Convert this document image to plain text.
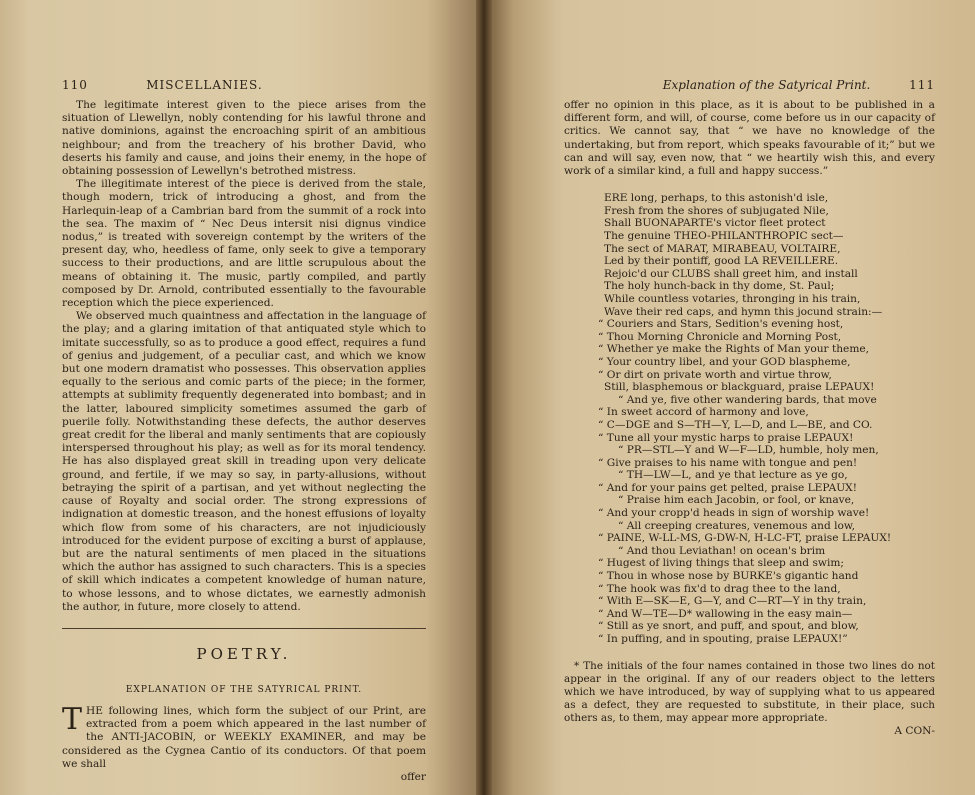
110	MISCELLANIES.

The legitimate interest given to the piece arises from the situation of Llewellyn, nobly contending for his lawful throne and native dominions, against the encroaching spirit of an ambitious neighbour; and from the treachery of his brother David, who deserts his family and cause, and joins their enemy, in the hope of obtaining possession of Lewellyn's betrothed mistress.

The illegitimate interest of the piece is derived from the stale, though modern, trick of introducing a ghost, and from the Harlequin-leap of a Cambrian bard from the summit of a rock into the sea. The maxim of “ Nec Deus intersit nisi dignus vindice nodus,” is treated with sovereign contempt by the writers of the present day, who, heedless of fame, only seek to give a temporary success to their productions, and are little scrupulous about the means of obtaining it. The music, partly compiled, and partly composed by Dr. Arnold, contributed essentially to the favourable reception which the piece experienced.

We observed much quaintness and affectation in the language of the play; and a glaring imitation of that antiquated style which to imitate successfully, so as to produce a good effect, requires a fund of genius and judgement, of a peculiar cast, and which we know but one modern dramatist who possesses. This observation applies equally to the serious and comic parts of the piece; in the former, attempts at sublimity frequently degenerated into bombast; and in the latter, laboured simplicity sometimes assumed the garb of puerile folly. Notwithstanding these defects, the author deserves great credit for the liberal and manly sentiments that are copiously interspersed throughout his play; as well as for its moral tendency. He has also displayed great skill in treading upon very delicate ground, and fertile, if we may so say, in party-allusions, without betraying the spirit of a partisan, and yet without neglecting the cause of Royalty and social order. The strong expressions of indignation at domestic treason, and the honest effusions of loyalty which flow from some of his characters, are not injudiciously introduced for the evident purpose of exciting a burst of applause, but are the natural sentiments of men placed in the situations which the author has assigned to such characters. This is a species of skill which indicates a competent knowledge of human nature, to whose lessons, and to whose dictates, we earnestly admonish the author, in future, more closely to attend.

POETRY.
EXPLANATION OF THE SATYRICAL PRINT.

THE following lines, which form the subject of our Print, are extracted from a poem which appeared in the last number of the ANTI-JACOBIN, or WEEKLY EXAMINER, and may be considered as the Cygnea Cantio of its conductors. Of that poem we shall

offer
Explanation of the Satyrical Print.	111

offer no opinion in this place, as it is about to be published in a different form, and will, of course, come before us in our capacity of critics. We cannot say, that “ we have no knowledge of the undertaking, but from report, which speaks favourable of it;” but we can and will say, even now, that “ we heartily wish this, and every work of a similar kind, a full and happy success.”

ERE long, perhaps, to this astonish'd isle,
Fresh from the shores of subjugated Nile,
Shall BUONAPARTE's victor fleet protect
The genuine THEO-PHILANTHROPIC sect—
The sect of MARAT, MIRABEAU, VOLTAIRE,
Led by their pontiff, good LA REVEILLERE.
Rejoic'd our CLUBS shall greet him, and install
The holy hunch-back in thy dome, St. Paul;
While countless votaries, thronging in his train,
Wave their red caps, and hymn this jocund strain:—
“ Couriers and Stars, Sedition's evening host,
“ Thou Morning Chronicle and Morning Post,
“ Whether ye make the Rights of Man your theme,
“ Your country libel, and your GOD blaspheme,
“ Or dirt on private worth and virtue throw,
Still, blasphemous or blackguard, praise LEPAUX!
“ And ye, five other wandering bards, that move
“ In sweet accord of harmony and love,
“ C—DGE and S—TH—Y, L—D, and L—BE, and CO.
“ Tune all your mystic harps to praise LEPAUX!
“ PR—STL—Y and W—F—LD, humble, holy men,
“ Give praises to his name with tongue and pen!
“ TH—LW—L, and ye that lecture as ye go,
“ And for your pains get pelted, praise LEPAUX!
“ Praise him each Jacobin, or fool, or knave,
“ And your cropp'd heads in sign of worship wave!
“ All creeping creatures, venemous and low,
“ PAINE, W-LL-MS, G-DW-N, H-LC-FT, praise LEPAUX!
“ And thou Leviathan! on ocean's brim
“ Hugest of living things that sleep and swim;
“ Thou in whose nose by BURKE's gigantic hand
“ The hook was fix'd to drag thee to the land,
“ With E—SK—E, G—Y, and C—RT—Y in thy train,
“ And W—TE—D* wallowing in the easy main—
“ Still as ye snort, and puff, and spout, and blow,
“ In puffing, and in spouting, praise LEPAUX!”

* The initials of the four names contained in those two lines do not appear in the original. If any of our readers object to the letters which we have introduced, by way of supplying what to us appeared as a defect, they are requested to substitute, in their place, such others as, to them, may appear more appropriate.

A CON-
